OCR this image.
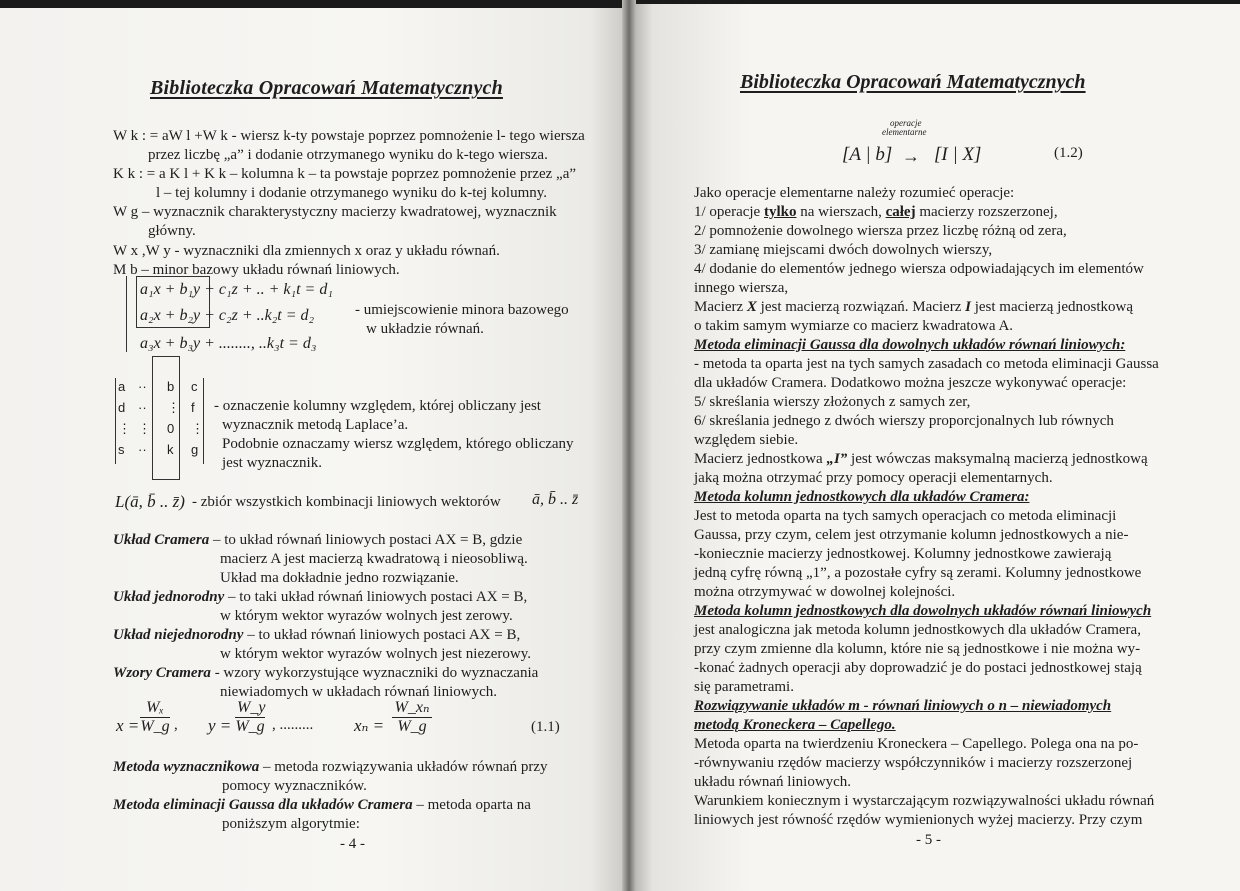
Biblioteczka Opracowań Matematycznych
W k : = aW l +W k - wiersz k-ty powstaje poprzez pomnożenie l- tego wiersza
przez liczbę „a” i dodanie otrzymanego wyniku do k-tego wiersza.
K k : = a K l + K k – kolumna k – ta powstaje poprzez pomnożenie przez „a”
l – tej kolumny i dodanie otrzymanego wyniku do k-tej kolumny.
W g – wyznacznik charakterystyczny macierzy kwadratowej, wyznacznik
główny.
W x ,W y - wyznaczniki dla zmiennych x oraz y układu równań.
M b – minor bazowy układu równań liniowych.
a₁x + b₁y + c₁z + .. + k₁t = d₁
a₂x + b₂y + c₂z + ..k₂t = d₂
a₃x + b₃y + ........, ..k₃t = d₃
- umiejscowienie minora bazowego
w układzie równań.
a
d
⋮
s
··
··
⋮
··
b
⋮
0
k
c
f
⋮
g
- oznaczenie kolumny względem, której obliczany jest
wyznacznik metodą Laplace’a.
Podobnie oznaczamy wiersz względem, którego obliczany
jest wyznacznik.
L(ā, b̄ .. z̄) - zbiór wszystkich kombinacji liniowych wektorów ā, b̄ .. z̄
Układ Cramera – to układ równań liniowych postaci AX = B, gdzie
macierz A jest macierzą kwadratową i nieosobliwą.
Układ ma dokładnie jedno rozwiązanie.
Układ jednorodny – to taki układ równań liniowych postaci AX = B,
w którym wektor wyrazów wolnych jest zerowy.
Układ niejednorodny – to układ równań liniowych postaci AX = B,
w którym wektor wyrazów wolnych jest niezerowy.
Wzory Cramera - wzory wykorzystujące wyznaczniki do wyznaczania
niewiadomych w układach równań liniowych.
$x = \frac{\text{Wₓ}}{W\_g}$ , $y = \frac{W\_y}{W\_g}$ , ......... $x_n = \frac{\text{W\_xₙ}}{W\_g}$	(1.1)
Metoda wyznacznikowa – metoda rozwiązywania układów równań przy
pomocy wyznaczników.
Metoda eliminacji Gaussa dla układów Cramera – metoda oparta na
poniższym algorytmie:
- 4 -
Biblioteczka Opracowań Matematycznych
operacje
elementarne
[A | b] → [I | X]	(1.2)
Jako operacje elementarne należy rozumieć operacje:
1/ operacje tylko na wierszach, całej macierzy rozszerzonej,
2/ pomnożenie dowolnego wiersza przez liczbę różną od zera,
3/ zamianę miejscami dwóch dowolnych wierszy,
4/ dodanie do elementów jednego wiersza odpowiadających im elementów
innego wiersza,
Macierz X jest macierzą rozwiązań. Macierz I jest macierzą jednostkową
o takim samym wymiarze co macierz kwadratowa A.
Metoda eliminacji Gaussa dla dowolnych układów równań liniowych:
- metoda ta oparta jest na tych samych zasadach co metoda eliminacji Gaussa
dla układów Cramera. Dodatkowo można jeszcze wykonywać operacje:
5/ skreślania wierszy złożonych z samych zer,
6/ skreślania jednego z dwóch wierszy proporcjonalnych lub równych
względem siebie.
Macierz jednostkowa „I” jest wówczas maksymalną macierzą jednostkową
jaką można otrzymać przy pomocy operacji elementarnych.
Metoda kolumn jednostkowych dla układów Cramera:
Jest to metoda oparta na tych samych operacjach co metoda eliminacji
Gaussa, przy czym, celem jest otrzymanie kolumn jednostkowych a nie-
-koniecznie macierzy jednostkowej. Kolumny jednostkowe zawierają
jedną cyfrę równą „1”, a pozostałe cyfry są zerami. Kolumny jednostkowe
można otrzymywać w dowolnej kolejności.
Metoda kolumn jednostkowych dla dowolnych układów równań liniowych
jest analogiczna jak metoda kolumn jednostkowych dla układów Cramera,
przy czym zmienne dla kolumn, które nie są jednostkowe i nie można wy-
-konać żadnych operacji aby doprowadzić je do postaci jednostkowej stają
się parametrami.
Rozwiązywanie układów m - równań liniowych o n – niewiadomych
metodą Kroneckera – Capellego.
Metoda oparta na twierdzeniu Kroneckera – Capellego. Polega ona na po-
-równywaniu rzędów macierzy współczynników i macierzy rozszerzonej
układu równań liniowych.
Warunkiem koniecznym i wystarczającym rozwiązywalności układu równań
liniowych jest równość rzędów wymienionych wyżej macierzy. Przy czym
- 5 -
